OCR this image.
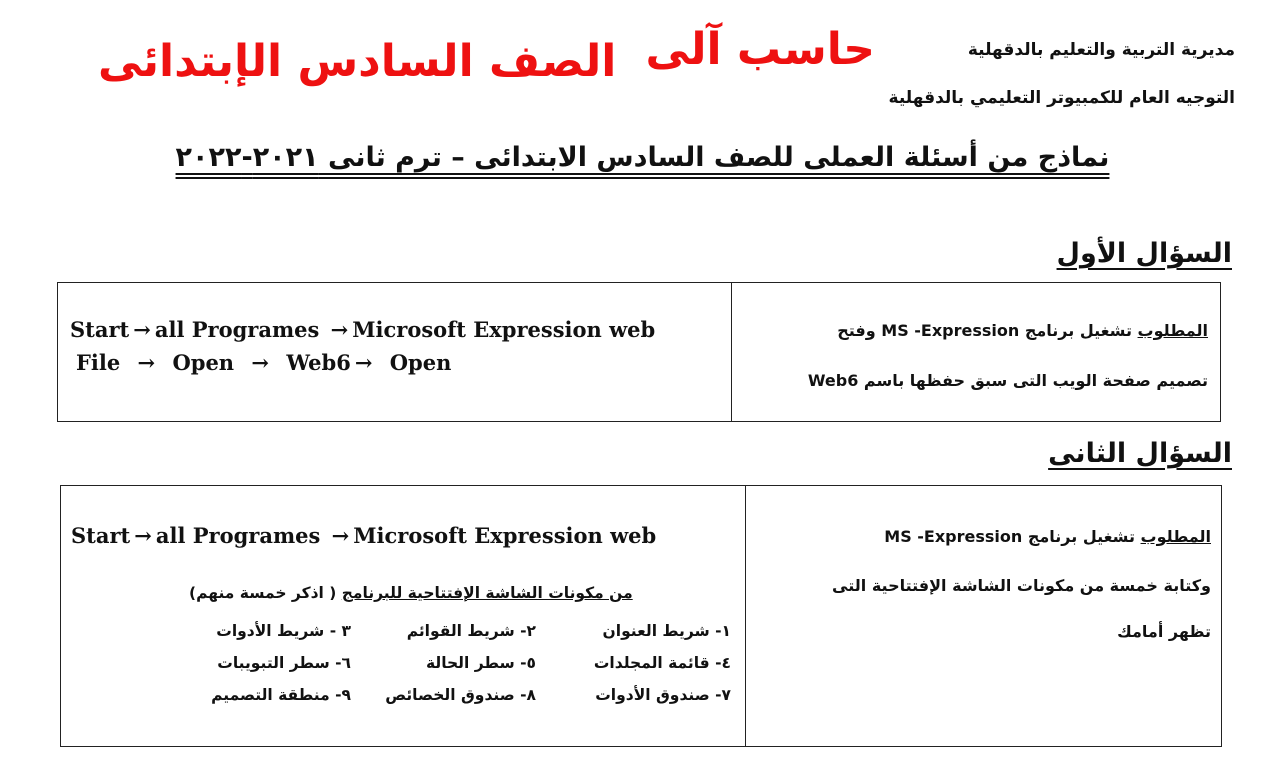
مديرية التربية والتعليم بالدقهلية
التوجيه العام للكمبيوتر التعليمي بالدقهلية
حاسب آلى
الصف السادس الإبتدائى
نماذج من أسئلة العملى للصف السادس الابتدائى – ترم ثانى ٢٠٢١-٢٠٢٢
السؤال الأول
Start → all Programes → Microsoft Expression web
File → Open → Web6 → Open
المطلوب تشغيل برنامج MS -Expression وفتح
تصميم صفحة الويب التى سبق حفظها باسم Web6
السؤال الثانى
Start → all Programes → Microsoft Expression web
من مكونات الشاشة الإفتتاحية للبرنامج ( اذكر خمسة منهم)
١- شريط العنوان
٢- شريط القوائم
٣ - شريط الأدوات
٤- قائمة المجلدات
٥- سطر الحالة
٦- سطر التبويبات
٧- صندوق الأدوات
٨- صندوق الخصائص
٩- منطقة التصميم
المطلوب تشغيل برنامج MS -Expression
وكتابة خمسة من مكونات الشاشة الإفتتاحية التى
تظهر أمامك
